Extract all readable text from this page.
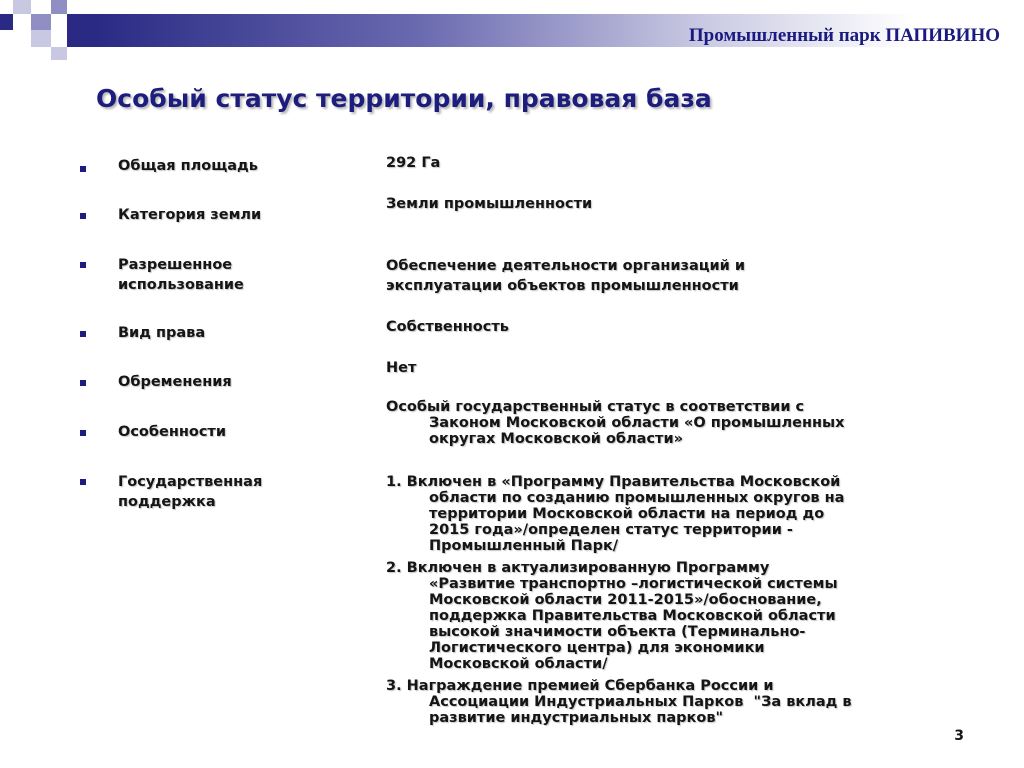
Промышленный парк ПАПИВИНО
Особый статус территории, правовая база
Общая площадь
Категория земли
Разрешенное
использование
Вид права
Обременения
Особенности
Государственная
поддержка
292 Га
Земли промышленности
Обеспечение деятельности организаций и
эксплуатации объектов промышленности
Собственность
Нет
Особый государственный статус в соответствии с
Законом Московской области «О промышленных
округах Московской области»
1. Включен в «Программу Правительства Московской
области по созданию промышленных округов на
территории Московской области на период до
2015 года»/определен статус территории -
Промышленный Парк/
2. Включен в актуализированную Программу
«Развитие транспортно –логистической системы
Московской области 2011-2015»/обоснование,
поддержка Правительства Московской области
высокой значимости объекта (Терминально-
Логистического центра) для экономики
Московской области/
3. Награждение премией Сбербанка России и
Ассоциации Индустриальных Парков  "За вклад в
развитие индустриальных парков"
3
